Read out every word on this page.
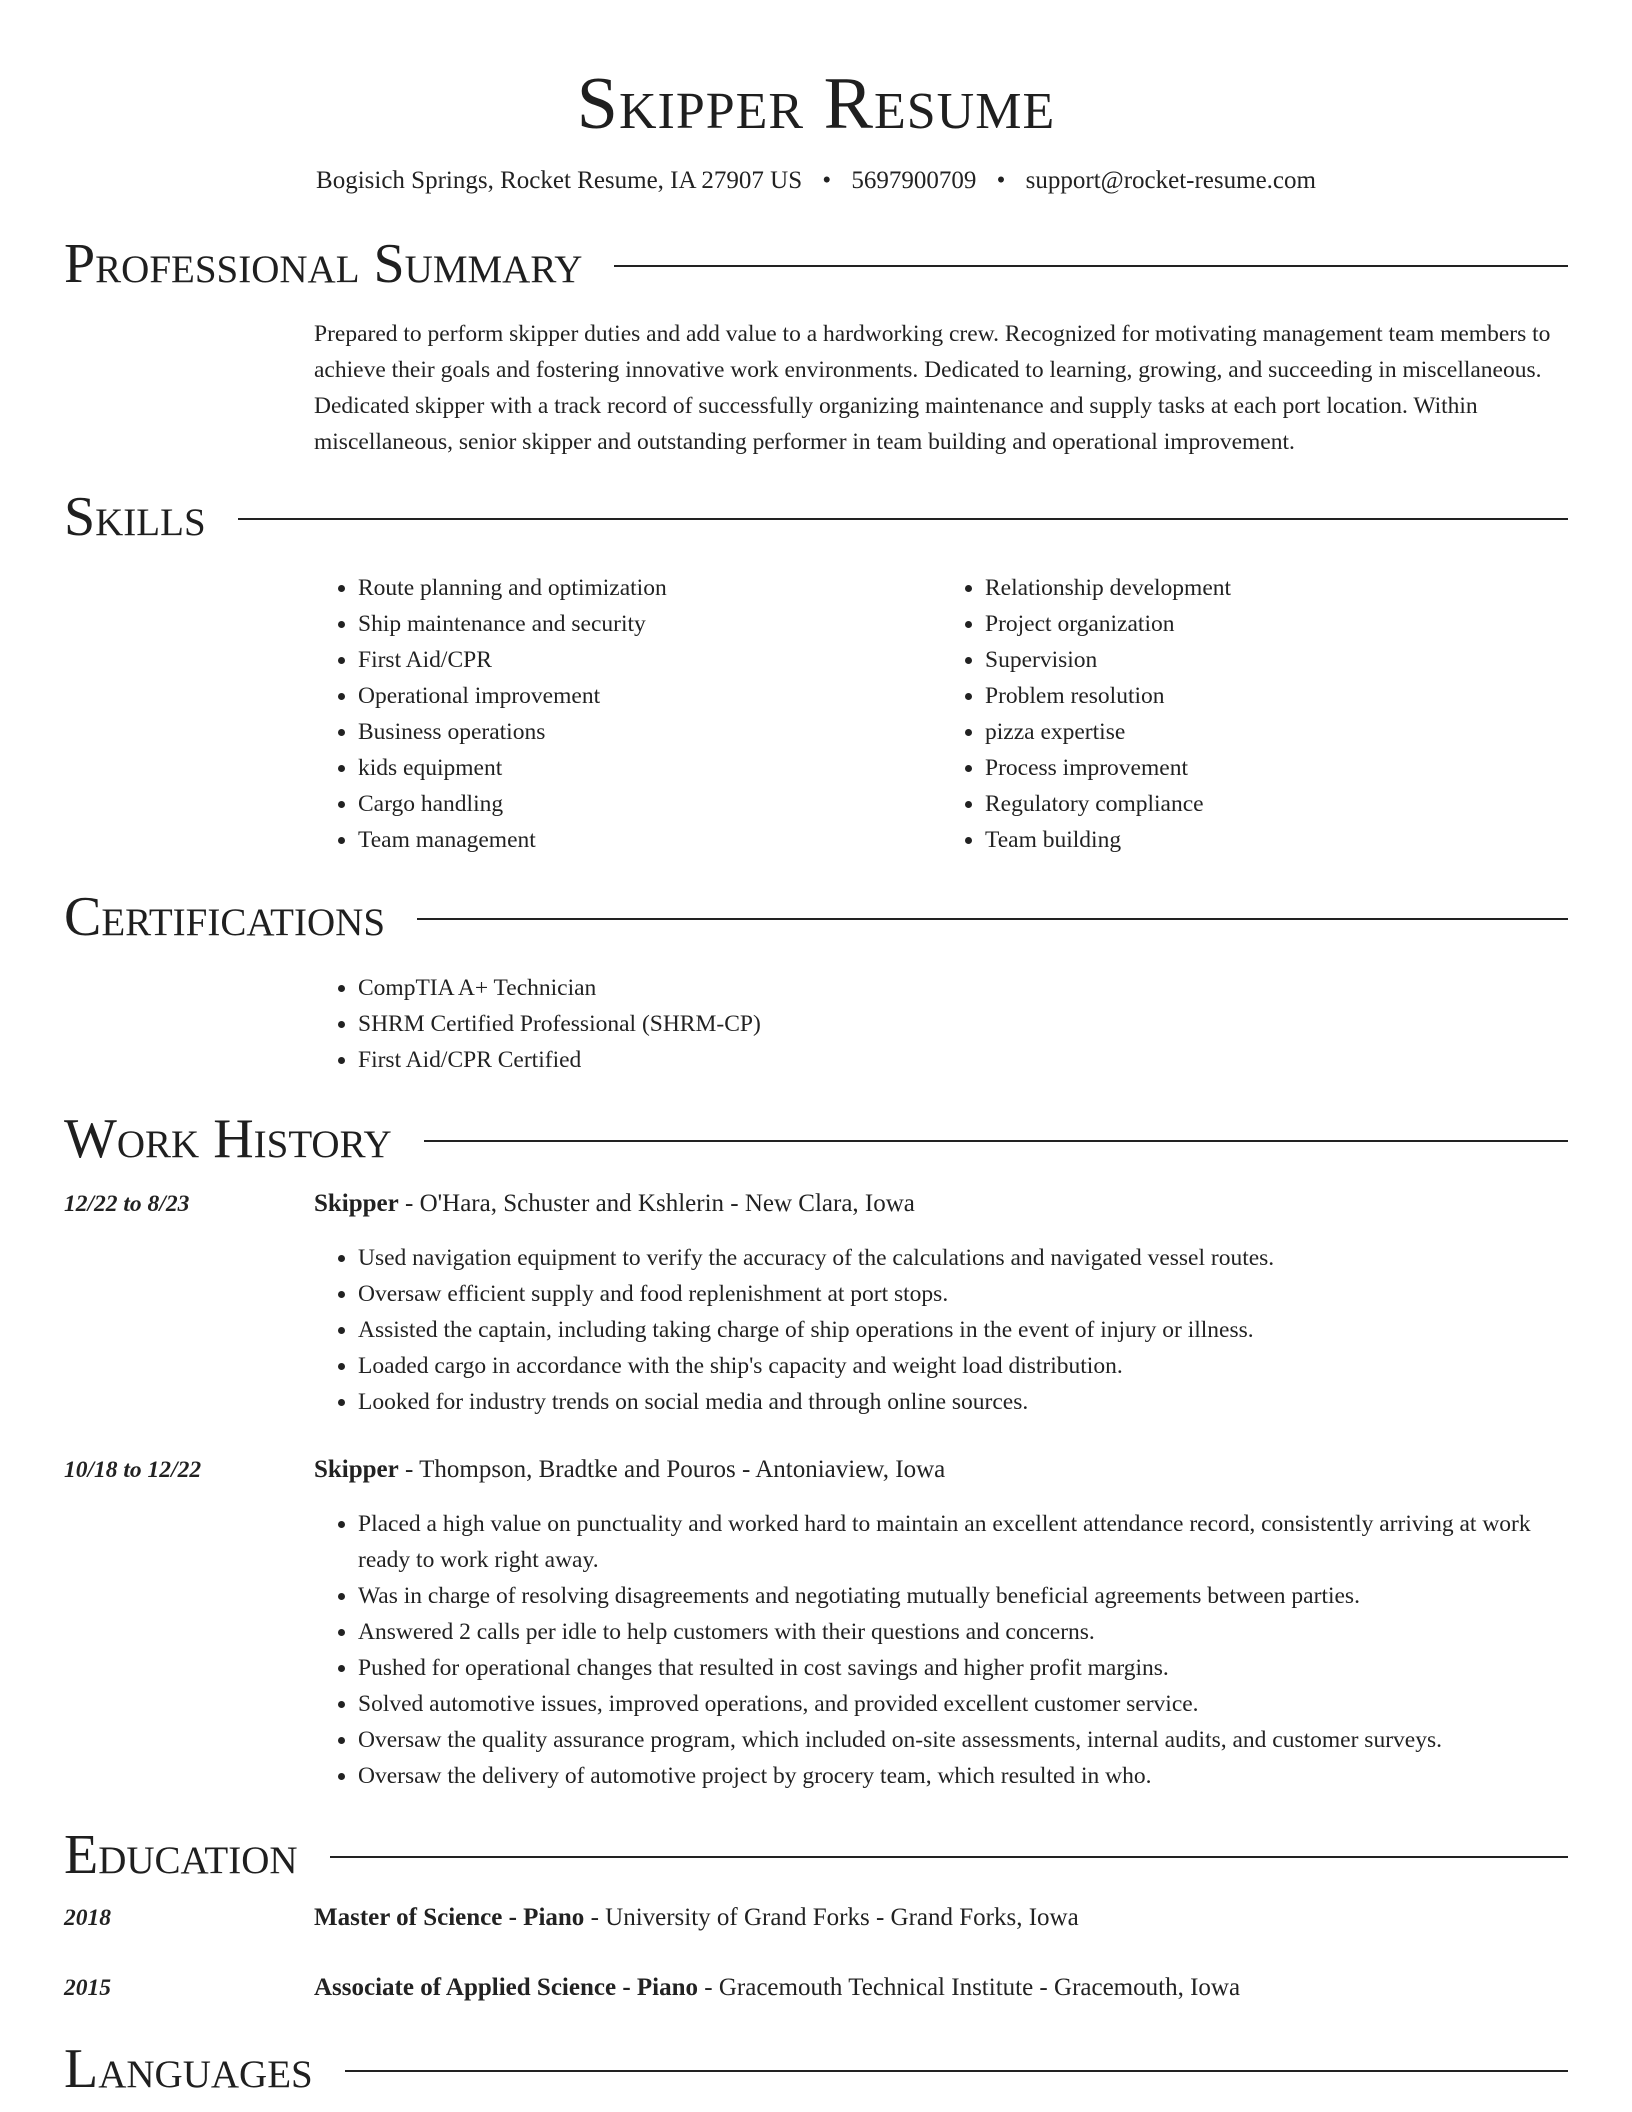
Skipper Resume
Bogisich Springs, Rocket Resume, IA 27907 US • 5697900709 • support@rocket-resume.com
Professional Summary

Prepared to perform skipper duties and add value to a hardworking crew. Recognized for motivating management team members to achieve their goals and fostering innovative work environments. Dedicated to learning, growing, and succeeding in miscellaneous. Dedicated skipper with a track record of successfully organizing maintenance and supply tasks at each port location. Within miscellaneous, senior skipper and outstanding performer in team building and operational improvement.

Skills
• Route planning and optimization
• Ship maintenance and security
• First Aid/CPR
• Operational improvement
• Business operations
• kids equipment
• Cargo handling
• Team management
• Relationship development
• Project organization
• Supervision
• Problem resolution
• pizza expertise
• Process improvement
• Regulatory compliance
• Team building
Certifications
• CompTIA A+ Technician
• SHRM Certified Professional (SHRM-CP)
• First Aid/CPR Certified
Work History
12/22 to 8/23	Skipper - O'Hara, Schuster and Kshlerin - New Clara, Iowa
• Used navigation equipment to verify the accuracy of the calculations and navigated vessel routes.
• Oversaw efficient supply and food replenishment at port stops.
• Assisted the captain, including taking charge of ship operations in the event of injury or illness.
• Loaded cargo in accordance with the ship's capacity and weight load distribution.
• Looked for industry trends on social media and through online sources.
10/18 to 12/22	Skipper - Thompson, Bradtke and Pouros - Antoniaview, Iowa
• Placed a high value on punctuality and worked hard to maintain an excellent attendance record, consistently arriving at work ready to work right away.
• Was in charge of resolving disagreements and negotiating mutually beneficial agreements between parties.
• Answered 2 calls per idle to help customers with their questions and concerns.
• Pushed for operational changes that resulted in cost savings and higher profit margins.
• Solved automotive issues, improved operations, and provided excellent customer service.
• Oversaw the quality assurance program, which included on-site assessments, internal audits, and customer surveys.
• Oversaw the delivery of automotive project by grocery team, which resulted in who.
Education
2018	Master of Science - Piano - University of Grand Forks - Grand Forks, Iowa
2015	Associate of Applied Science - Piano - Gracemouth Technical Institute - Gracemouth, Iowa
Languages
